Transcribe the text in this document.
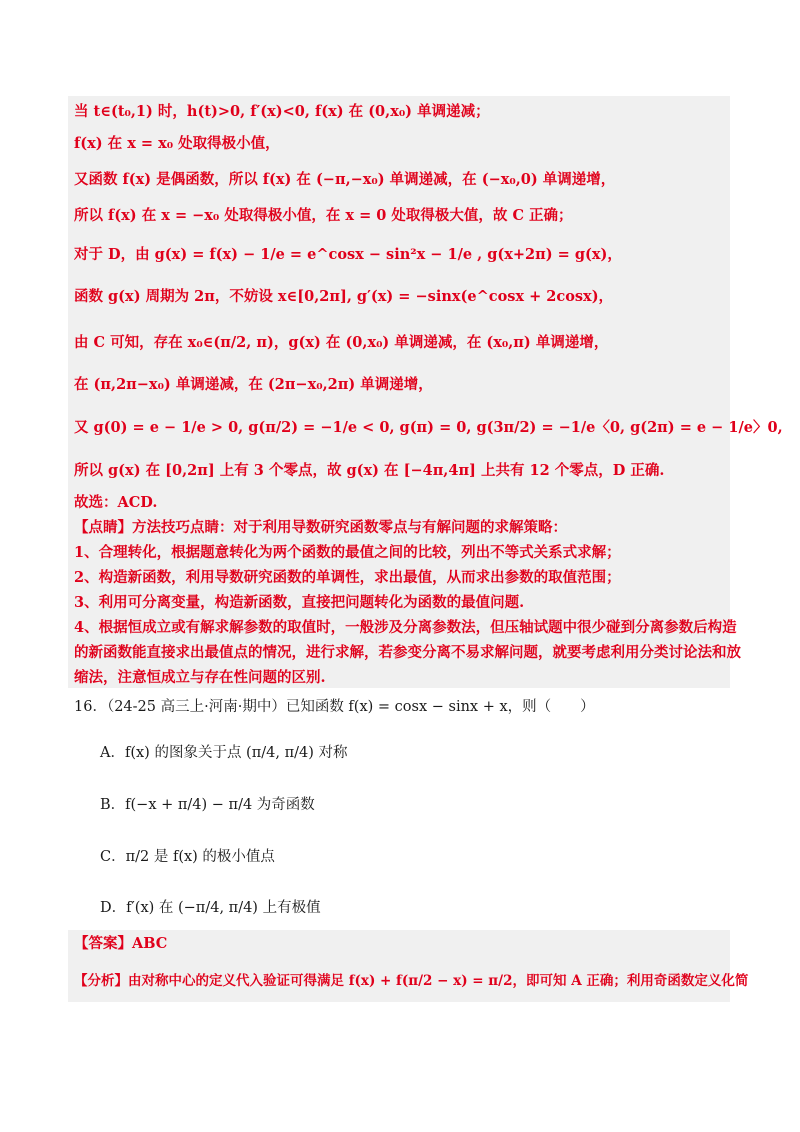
当 t∈(t₀,1) 时，h(t)>0, f′(x)<0, f(x) 在 (0,x₀) 单调递减；
f(x) 在 x = x₀ 处取得极小值，
又函数 f(x) 是偶函数，所以 f(x) 在 (−π,−x₀) 单调递减，在 (−x₀,0) 单调递增，
所以 f(x) 在 x = −x₀ 处取得极小值，在 x = 0 处取得极大值，故 C 正确；
对于 D，由 g(x) = f(x) − 1/e = e^cosx − sin²x − 1/e , g(x+2π) = g(x)，
函数 g(x) 周期为 2π，不妨设 x∈[0,2π], g′(x) = −sinx(e^cosx + 2cosx)，
由 C 可知，存在 x₀∈(π/2, π)，g(x) 在 (0,x₀) 单调递减，在 (x₀,π) 单调递增，
在 (π,2π−x₀) 单调递减，在 (2π−x₀,2π) 单调递增，
又 g(0) = e − 1/e > 0, g(π/2) = −1/e < 0, g(π) = 0, g(3π/2) = −1/e〈0, g(2π) = e − 1/e〉0,
所以 g(x) 在 [0,2π] 上有 3 个零点，故 g(x) 在 [−4π,4π] 上共有 12 个零点，D 正确.
故选：ACD.
【点睛】方法技巧点睛：对于利用导数研究函数零点与有解问题的求解策略：
1、合理转化，根据题意转化为两个函数的最值之间的比较，列出不等式关系式求解；
2、构造新函数，利用导数研究函数的单调性，求出最值，从而求出参数的取值范围；
3、利用可分离变量，构造新函数，直接把问题转化为函数的最值问题.
4、根据恒成立或有解求解参数的取值时，一般涉及分离参数法，但压轴试题中很少碰到分离参数后构造
的新函数能直接求出最值点的情况，进行求解，若参变分离不易求解问题，就要考虑利用分类讨论法和放
缩法，注意恒成立与存在性问题的区别.
16．（24-25 高三上·河南·期中）已知函数 f(x) = cosx − sinx + x，则（　　）
A．f(x) 的图象关于点 (π/4, π/4) 对称
B．f(−x + π/4) − π/4 为奇函数
C．π/2 是 f(x) 的极小值点
D．f′(x) 在 (−π/4, π/4) 上有极值
【答案】ABC
【分析】由对称中心的定义代入验证可得满足 f(x) + f(π/2 − x) = π/2，即可知 A 正确；利用奇函数定义化简
